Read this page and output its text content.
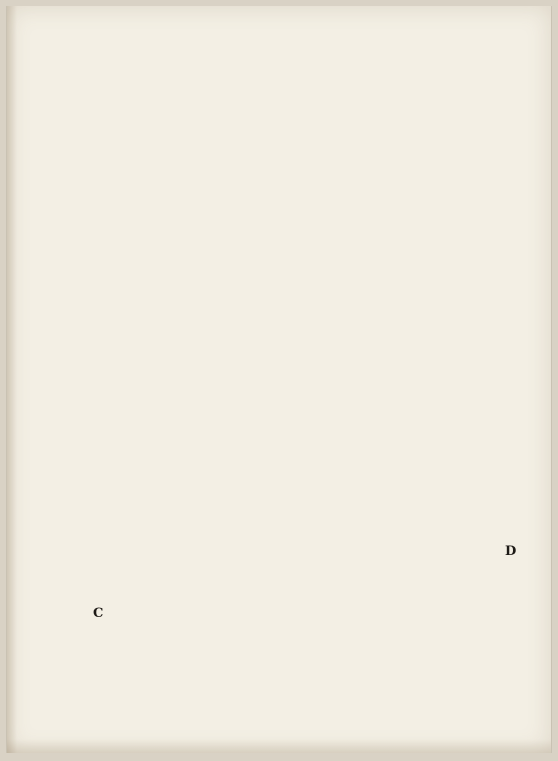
C
D
